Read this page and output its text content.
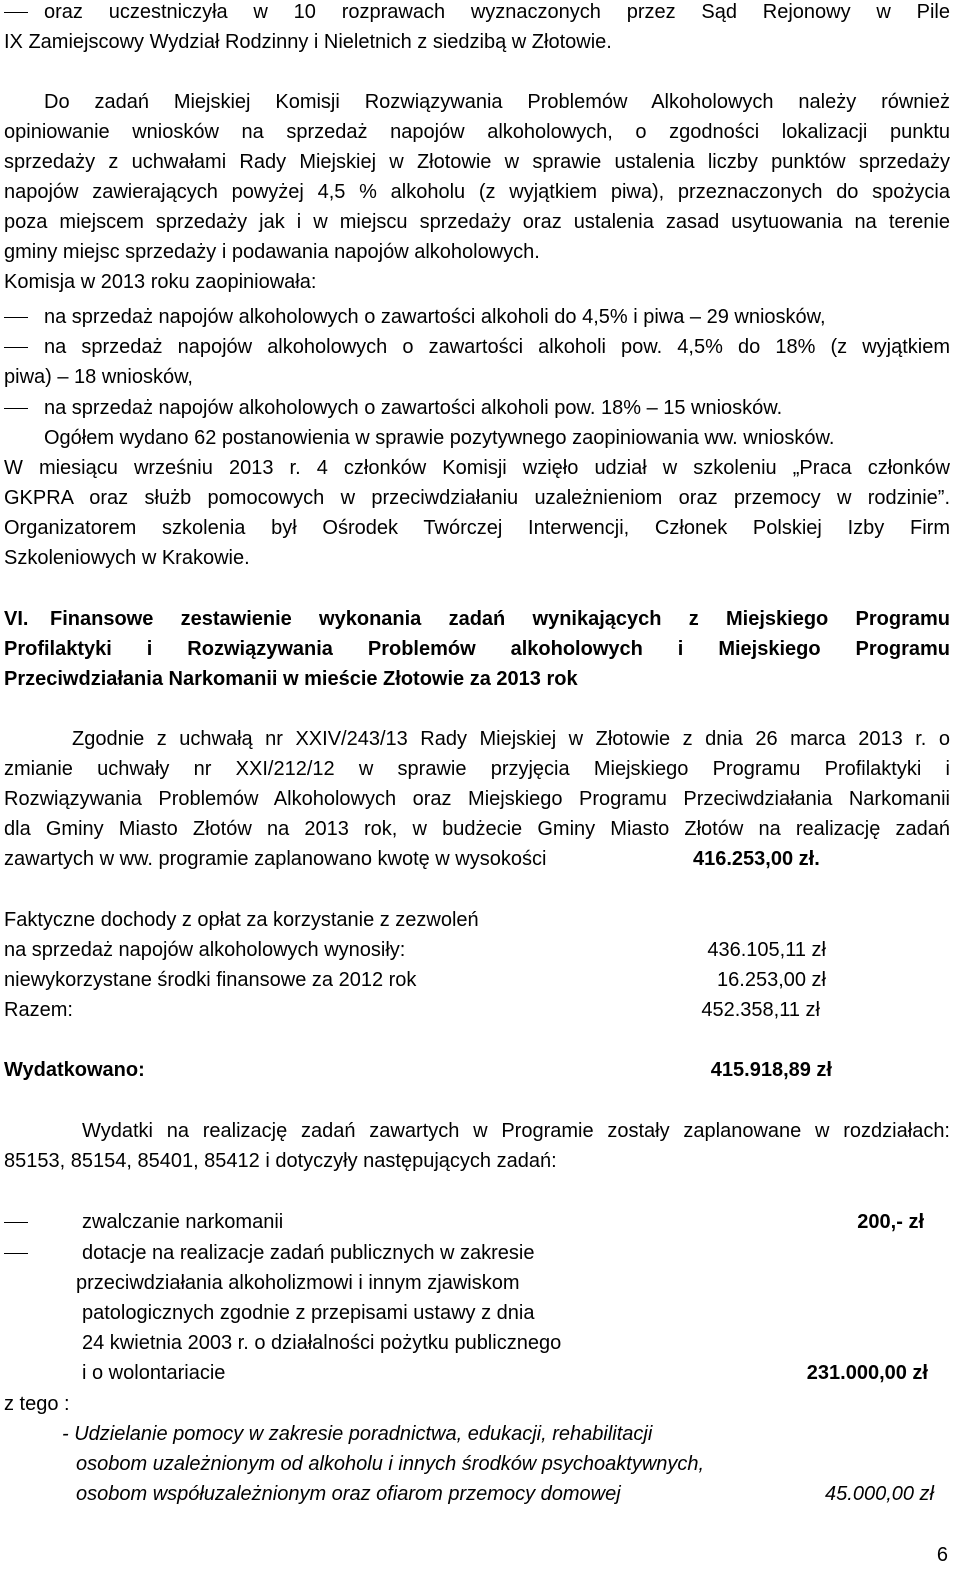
oraz uczestniczyła w 10 rozprawach wyznaczonych przez Sąd Rejonowy w Pile
IX Zamiejscowy Wydział Rodzinny i Nieletnich z siedzibą w Złotowie.
Do zadań Miejskiej Komisji Rozwiązywania Problemów Alkoholowych należy również
opiniowanie wniosków na sprzedaż napojów alkoholowych, o zgodności lokalizacji punktu
sprzedaży z uchwałami Rady Miejskiej w Złotowie w sprawie ustalenia liczby punktów sprzedaży
napojów zawierających powyżej 4,5 % alkoholu (z wyjątkiem piwa), przeznaczonych do spożycia
poza miejscem sprzedaży jak i w miejscu sprzedaży oraz ustalenia zasad usytuowania na terenie
gminy miejsc sprzedaży i podawania napojów alkoholowych.
Komisja w 2013 roku zaopiniowała:
na sprzedaż napojów alkoholowych o zawartości alkoholi do 4,5% i piwa – 29 wniosków,
na sprzedaż napojów alkoholowych o zawartości alkoholi pow. 4,5% do 18% (z wyjątkiem
piwa) – 18 wniosków,
na sprzedaż napojów alkoholowych o zawartości alkoholi pow. 18% – 15 wniosków.
Ogółem wydano 62 postanowienia w sprawie pozytywnego zaopiniowania ww. wniosków.
W miesiącu wrześniu 2013 r. 4 członków Komisji wzięło udział w szkoleniu „Praca członków
GKPRA oraz służb pomocowych w przeciwdziałaniu uzależnieniom oraz przemocy w rodzinie”.
Organizatorem szkolenia był Ośrodek Twórczej Interwencji, Członek Polskiej Izby Firm
Szkoleniowych w Krakowie.
VI.	Finansowe zestawienie wykonania zadań wynikających z Miejskiego Programu
Profilaktyki i Rozwiązywania Problemów alkoholowych i Miejskiego Programu
Przeciwdziałania Narkomanii w mieście Złotowie za 2013 rok
Zgodnie z uchwałą nr XXIV/243/13 Rady Miejskiej w Złotowie z dnia 26 marca 2013 r. o
zmianie uchwały nr XXI/212/12 w sprawie przyjęcia Miejskiego Programu Profilaktyki i
Rozwiązywania Problemów Alkoholowych oraz Miejskiego Programu Przeciwdziałania Narkomanii
dla Gminy Miasto Złotów na 2013 rok, w budżecie Gminy Miasto Złotów na realizację zadań
zawartych w ww. programie zaplanowano kwotę w wysokości	416.253,00 zł.
Faktyczne dochody z opłat za korzystanie z zezwoleń
na sprzedaż napojów alkoholowych wynosiły:	436.105,11 zł
niewykorzystane środki finansowe za 2012 rok	16.253,00 zł
Razem:	452.358,11 zł
Wydatkowano:	415.918,89 zł
Wydatki na realizację zadań zawartych w Programie zostały zaplanowane w rozdziałach:
85153, 85154, 85401, 85412 i dotyczyły następujących zadań:
zwalczanie narkomanii	200,- zł
dotacje na realizacje zadań publicznych w zakresie
przeciwdziałania alkoholizmowi i innym zjawiskom
patologicznych zgodnie z przepisami ustawy z dnia
24 kwietnia 2003 r. o działalności pożytku publicznego
i o wolontariacie	231.000,00 zł
z tego :
- Udzielanie pomocy w zakresie poradnictwa, edukacji, rehabilitacji
osobom uzależnionym od alkoholu i innych środków psychoaktywnych,
osobom współuzależnionym oraz ofiarom przemocy domowej	45.000,00 zł
6
